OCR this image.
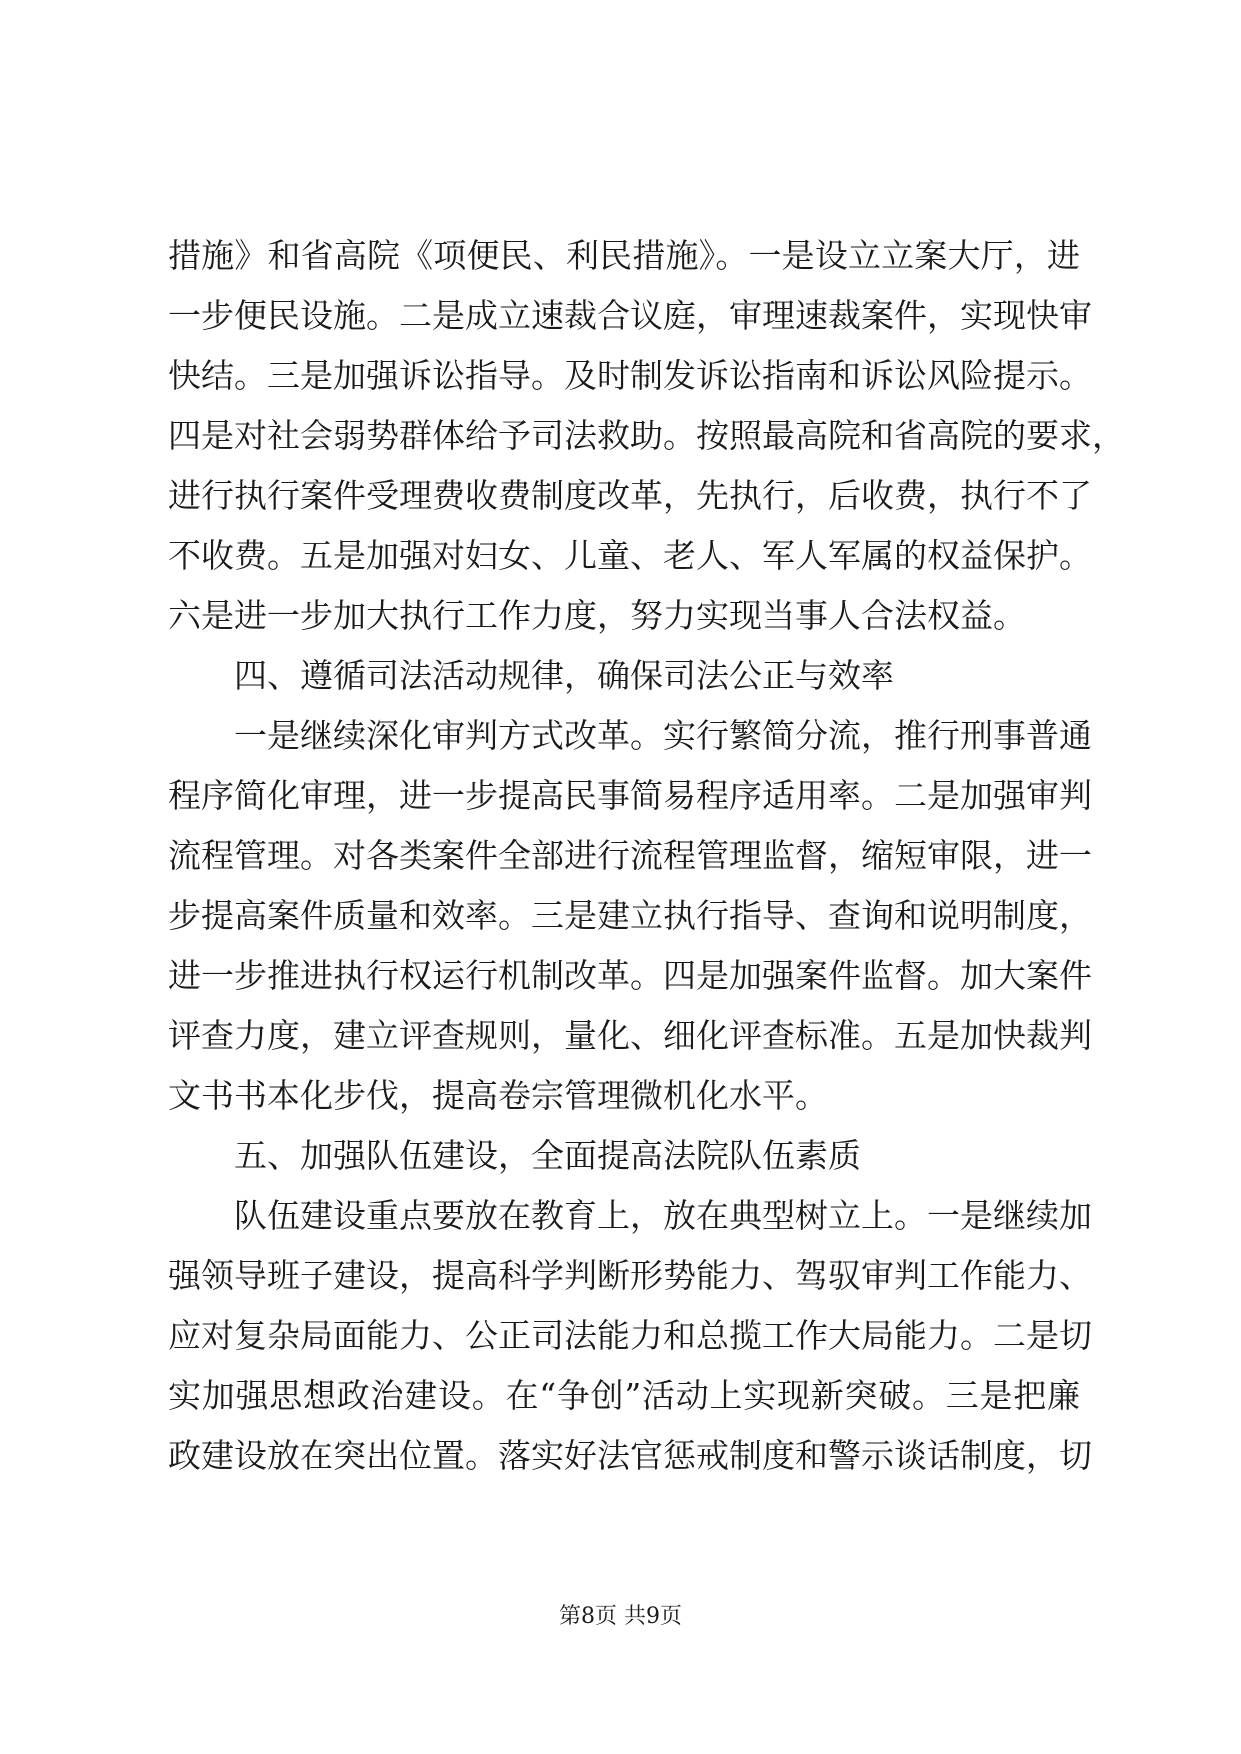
措施》和省高院《项便民、利民措施》。一是设立立案大厅，进
一步便民设施。二是成立速裁合议庭，审理速裁案件，实现快审
快结。三是加强诉讼指导。及时制发诉讼指南和诉讼风险提示。
四是对社会弱势群体给予司法救助。按照最高院和省高院的要求，
进行执行案件受理费收费制度改革，先执行，后收费，执行不了
不收费。五是加强对妇女、儿童、老人、军人军属的权益保护。
六是进一步加大执行工作力度，努力实现当事人合法权益。
四、遵循司法活动规律，确保司法公正与效率
一是继续深化审判方式改革。实行繁简分流，推行刑事普通
程序简化审理，进一步提高民事简易程序适用率。二是加强审判
流程管理。对各类案件全部进行流程管理监督，缩短审限，进一
步提高案件质量和效率。三是建立执行指导、查询和说明制度，
进一步推进执行权运行机制改革。四是加强案件监督。加大案件
评查力度，建立评查规则，量化、细化评查标准。五是加快裁判
文书书本化步伐，提高卷宗管理微机化水平。
五、加强队伍建设，全面提高法院队伍素质
队伍建设重点要放在教育上，放在典型树立上。一是继续加
强领导班子建设，提高科学判断形势能力、驾驭审判工作能力、
应对复杂局面能力、公正司法能力和总揽工作大局能力。二是切
实加强思想政治建设。在“争创”活动上实现新突破。三是把廉
政建设放在突出位置。落实好法官惩戒制度和警示谈话制度，切
第8页 共9页
